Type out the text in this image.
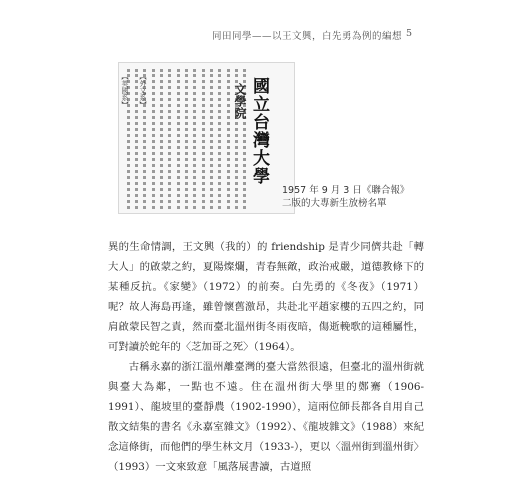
同田同學——以王文興，白先勇為例的編想 5
【英國系】 【外文系】	國立台灣大學
文學院
1957 年 9 月 3 日《聯合報》
二版的大專新生放榜名單

異的生命情調，王文興（我的）的 friendship 是青少同儕共赴「轉大人」的啟蒙之約，夏陽燦爛，青春無敵，政治戒嚴，道德教條下的某種反抗。《家變》（1972）的前奏。白先勇的《冬夜》（1971）呢？故人海島再逢，雖曾懷舊激昂，共赴北平趙家樓的五四之約，同肩啟蒙民智之責，然而臺北溫州街冬雨夜暗，傷逝輓歌的這種屬性，可對讀於蛇年的〈芝加哥之死〉（1964）。

古稱永嘉的浙江溫州離臺灣的臺大當然很遠，但臺北的溫州街就與臺大為鄰，一點也不遠。住在溫州街大學里的鄭騫（1906-1991）、龍坡里的臺靜農（1902-1990），這兩位師長都各自用自己散文結集的書名《永嘉室雜文》（1992）、《龍坡雜文》（1988）來紀念這條街，而他們的學生林文月（1933-），更以〈溫州街到溫州街〉（1993）一文來致意「風落展書讀，古道照
